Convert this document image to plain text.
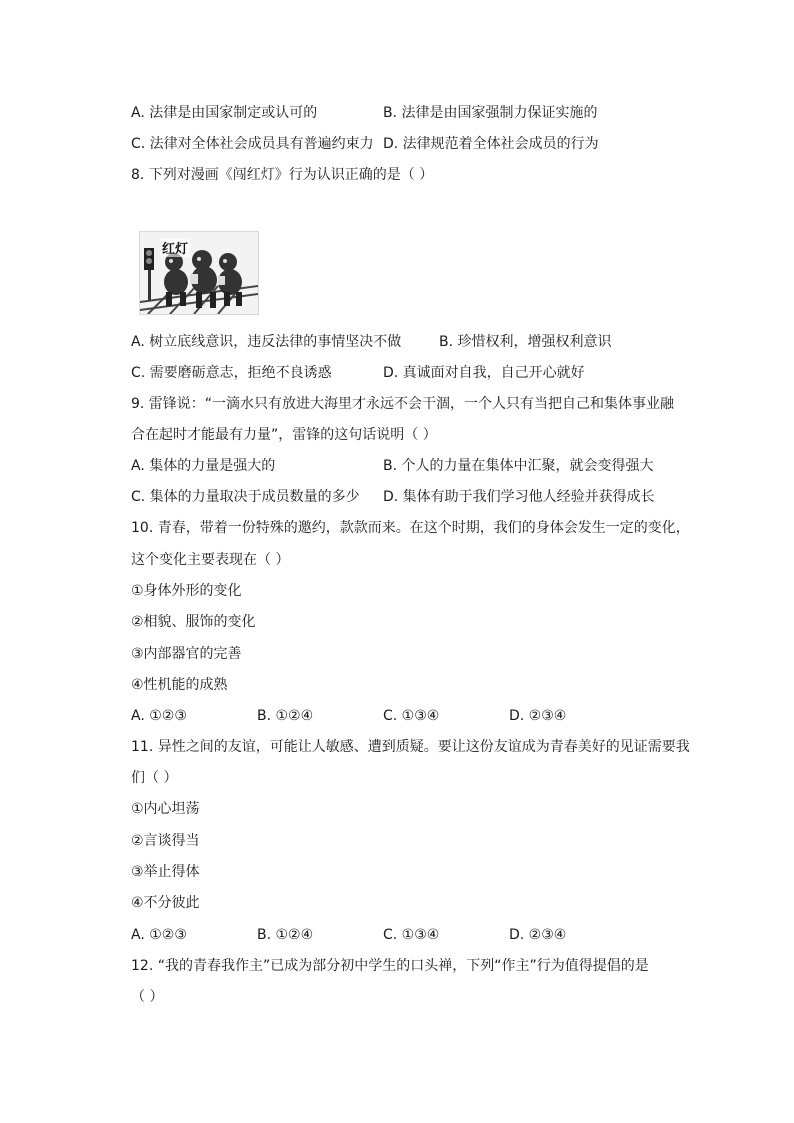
A. 法律是由国家制定或认可的	B. 法律是由国家强制力保证实施的
C. 法律对全体社会成员具有普遍约束力 D. 法律规范着全体社会成员的行为
8. 下列对漫画《闯红灯》行为认识正确的是（ ）
红灯
A. 树立底线意识，违反法律的事情坚决不做	B. 珍惜权利，增强权利意识
C. 需要磨砺意志，拒绝不良诱惑	D. 真诚面对自我，自己开心就好
9. 雷锋说：“一滴水只有放进大海里才永远不会干涸，一个人只有当把自己和集体事业融
合在起时才能最有力量”，雷锋的这句话说明（ ）
A. 集体的力量是强大的	B. 个人的力量在集体中汇聚，就会变得强大
C. 集体的力量取决于成员数量的多少 D. 集体有助于我们学习他人经验并获得成长
10. 青春，带着一份特殊的邀约，款款而来。在这个时期，我们的身体会发生一定的变化，
这个变化主要表现在（ ）
①身体外形的变化
②相貌、服饰的变化
③内部器官的完善
④性机能的成熟
A. ①②③	B. ①②④	C. ①③④	D. ②③④
11. 异性之间的友谊，可能让人敏感、遭到质疑。要让这份友谊成为青春美好的见证需要我
们（ ）
①内心坦荡
②言谈得当
③举止得体
④不分彼此
A. ①②③	B. ①②④	C. ①③④	D. ②③④
12. “我的青春我作主”已成为部分初中学生的口头禅，下列“作主”行为值得提倡的是
（ ）
